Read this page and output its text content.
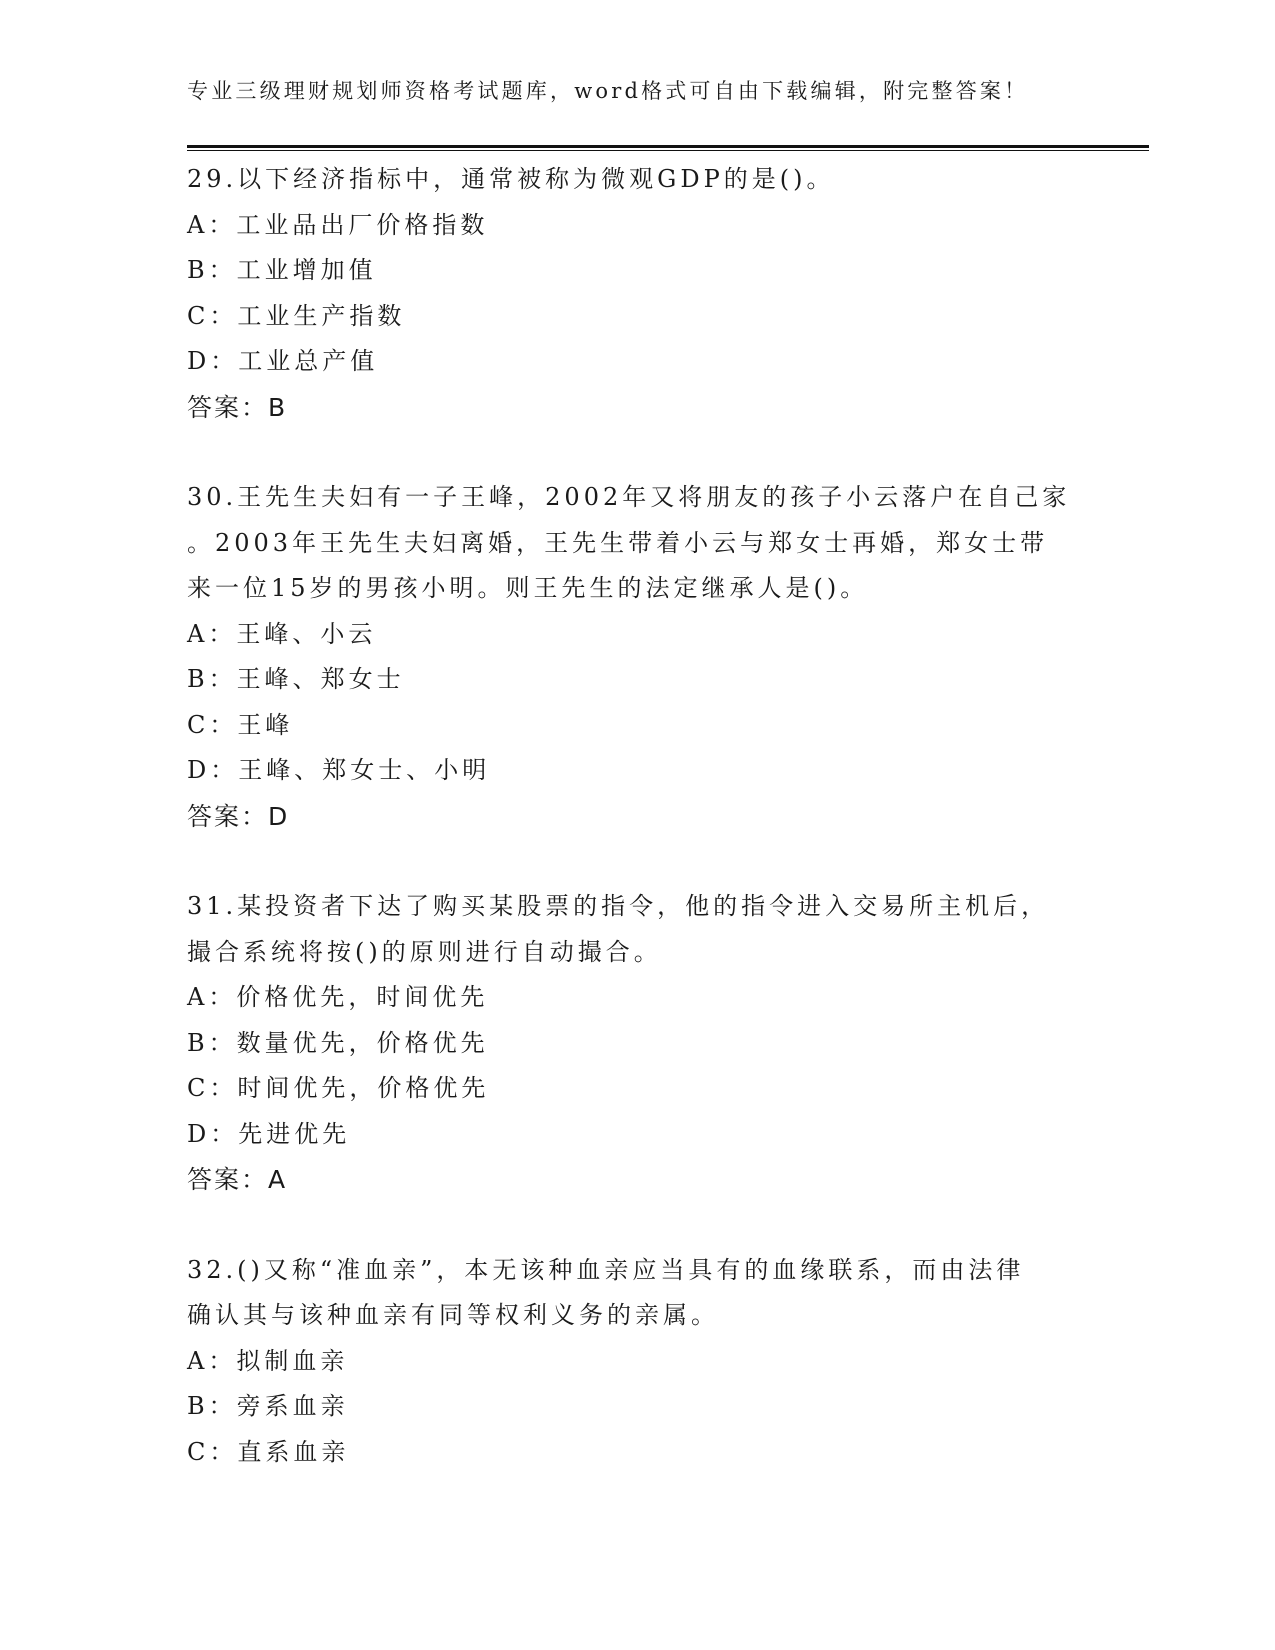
专业三级理财规划师资格考试题库，word格式可自由下载编辑，附完整答案！
29.以下经济指标中，通常被称为微观GDP的是()。
A：工业品出厂价格指数
B：工业增加值
C：工业生产指数
D：工业总产值
答案：B
30.王先生夫妇有一子王峰，2002年又将朋友的孩子小云落户在自己家
。2003年王先生夫妇离婚，王先生带着小云与郑女士再婚，郑女士带
来一位15岁的男孩小明。则王先生的法定继承人是()。
A：王峰、小云
B：王峰、郑女士
C：王峰
D：王峰、郑女士、小明
答案：D
31.某投资者下达了购买某股票的指令，他的指令进入交易所主机后，
撮合系统将按()的原则进行自动撮合。
A：价格优先，时间优先
B：数量优先，价格优先
C：时间优先，价格优先
D：先进优先
答案：A
32.()又称“准血亲”，本无该种血亲应当具有的血缘联系，而由法律
确认其与该种血亲有同等权利义务的亲属。
A：拟制血亲
B：旁系血亲
C：直系血亲
